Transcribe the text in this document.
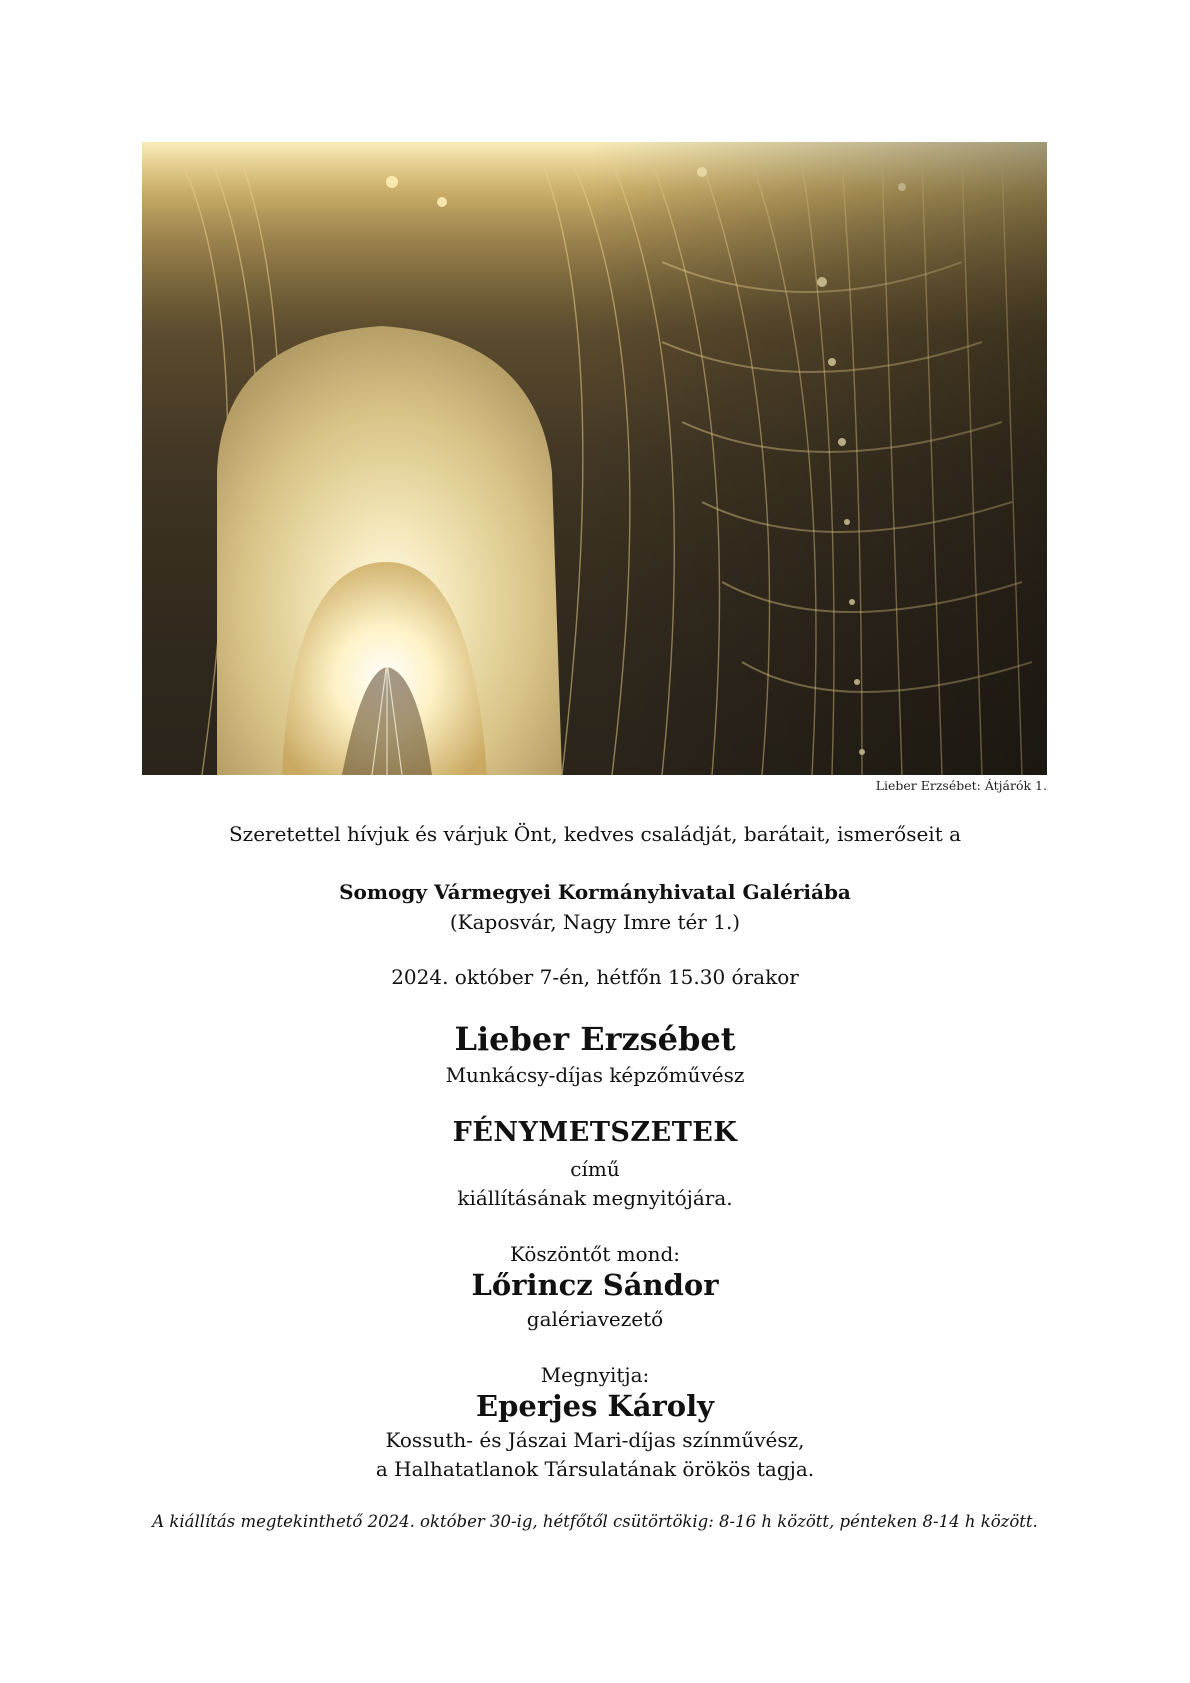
Lieber Erzsébet: Átjárók 1.
Szeretettel hívjuk és várjuk Önt, kedves családját, barátait, ismerőseit a
Somogy Vármegyei Kormányhivatal Galériába
(Kaposvár, Nagy Imre tér 1.)
2024. október 7-én, hétfőn 15.30 órakor
Lieber Erzsébet
Munkácsy-díjas képzőművész
FÉNYMETSZETEK
című
kiállításának megnyitójára.
Köszöntőt mond:
Lőrincz Sándor
galériavezető
Megnyitja:
Eperjes Károly
Kossuth- és Jászai Mari-díjas színművész,
a Halhatatlanok Társulatának örökös tagja.
A kiállítás megtekinthető 2024. október 30-ig, hétfőtől csütörtökig: 8-16 h között, pénteken 8-14 h között.
